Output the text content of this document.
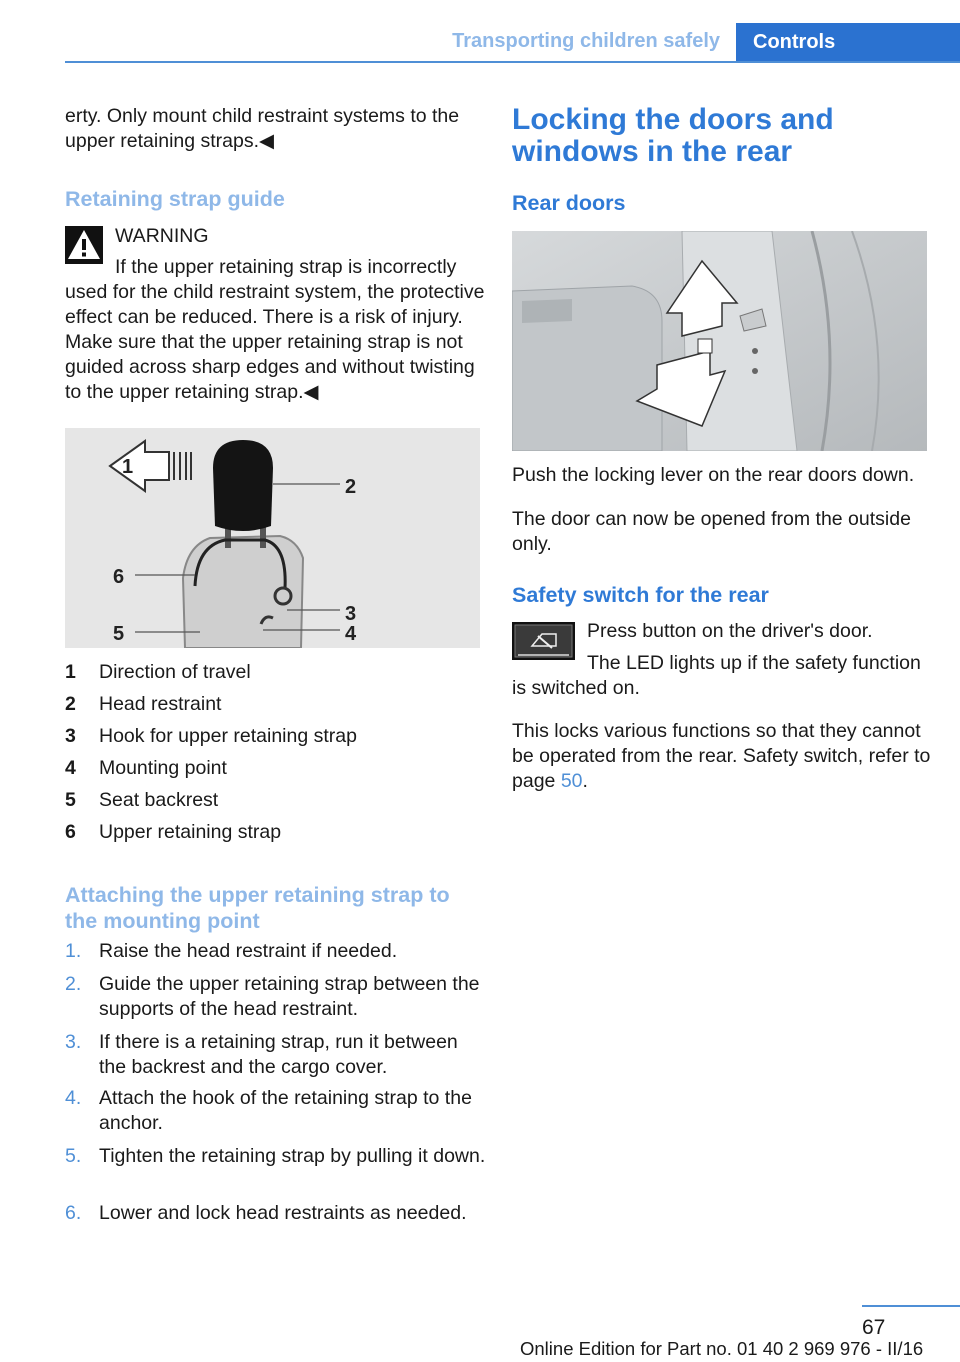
Transporting children safely	Controls
erty. Only mount child restraint systems to the upper retaining straps.◀
Retaining strap guide
WARNING
If the upper retaining strap is incorrectly used for the child restraint system, the protective effect can be reduced. There is a risk of injury. Make sure that the upper retaining strap is not guided across sharp edges and without twisting to the upper retaining strap.◀
1
2
6
3
4
5
1 Direction of travel
2 Head restraint
3 Hook for upper retaining strap
4 Mounting point
5 Seat backrest
6 Upper retaining strap
Attaching the upper retaining strap to the mounting point
1. Raise the head restraint if needed.
2. Guide the upper retaining strap between the supports of the head restraint.
3. If there is a retaining strap, run it between the backrest and the cargo cover.
4. Attach the hook of the retaining strap to the anchor.
5. Tighten the retaining strap by pulling it down.
6. Lower and lock head restraints as needed.
Locking the doors and windows in the rear
Rear doors
Push the locking lever on the rear doors down.
The door can now be opened from the outside only.
Safety switch for the rear
Press button on the driver's door.
The LED lights up if the safety function is switched on.
This locks various functions so that they cannot be operated from the rear. Safety switch, refer to page 50.
67
Online Edition for Part no. 01 40 2 969 976 - II/16
